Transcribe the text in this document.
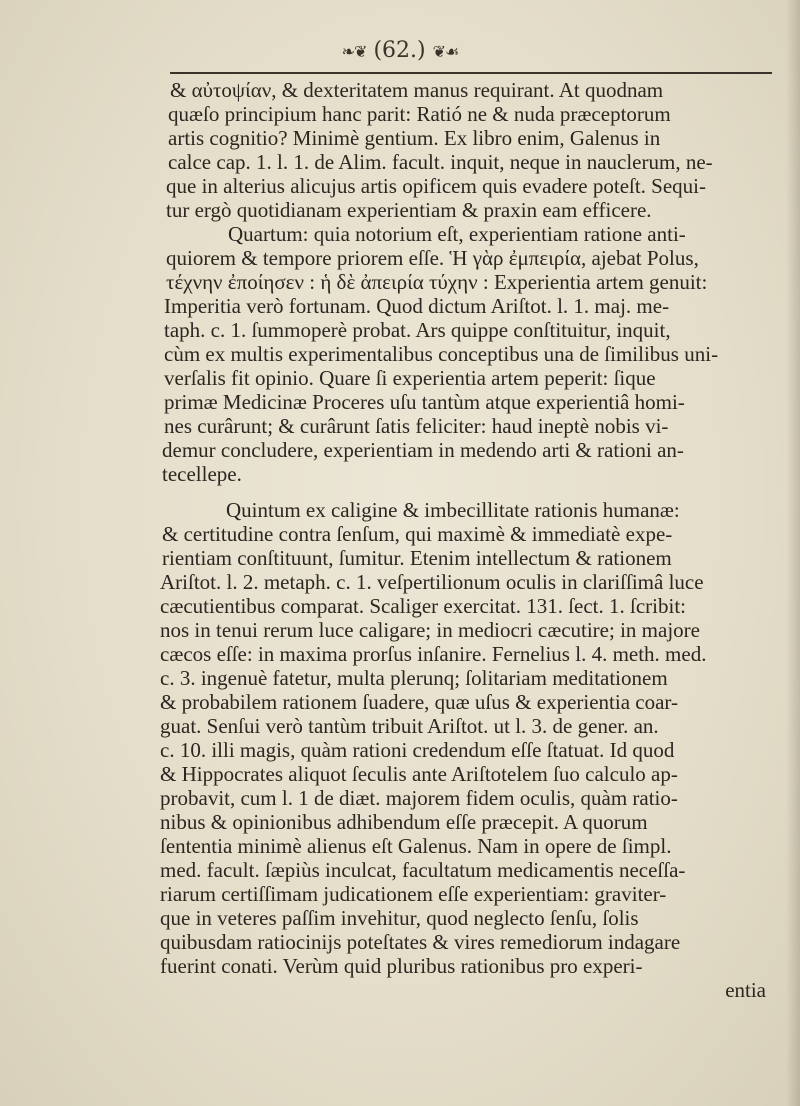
❧❦ (62.) ❦☙
& αὐτοψίαν, & dexteritatem manus requirant. At quodnam
quæſo principium hanc parit: Ratió ne & nuda præceptorum
artis cognitio? Minimè gentium. Ex libro enim, Galenus in
calce cap. 1. l. 1. de Alim. facult. inquit, neque in nauclerum, ne-
que in alterius alicujus artis opificem quis evadere poteſt. Sequi-
tur ergò quotidianam experientiam & praxin eam efficere.
Quartum: quia notorium eſt, experientiam ratione anti-
quiorem & tempore priorem eſſe. Ἡ γὰρ ἐμπειρία, ajebat Polus,
τέχνην ἐποίησεν : ἡ δὲ ἀπειρία τύχην : Experientia artem genuit:
Imperitia verò fortunam. Quod dictum Ariſtot. l. 1. maj. me-
taph. c. 1. ſummoperè probat. Ars quippe conſtituitur, inquit,
cùm ex multis experimentalibus conceptibus una de ſimilibus uni-
verſalis fit opinio. Quare ſi experientia artem peperit: ſique
primæ Medicinæ Proceres uſu tantùm atque experientiâ homi-
nes curârunt; & curârunt ſatis feliciter: haud ineptè nobis vi-
demur concludere, experientiam in medendo arti & rationi an-
tecelleре.
Quintum ex caligine & imbecillitate rationis humanæ:
& certitudine contra ſenſum, qui maximè & immediatè expe-
rientiam conſtituunt, ſumitur. Etenim intellectum & rationem
Ariſtot. l. 2. metaph. c. 1. veſpertilionum oculis in clariſſimâ luce
cæcutientibus comparat. Scaliger exercitat. 131. ſect. 1. ſcribit:
nos in tenui rerum luce caligare; in mediocri cæcutire; in majore
cæcos eſſe: in maxima prorſus inſanire. Fernelius l. 4. meth. med.
c. 3. ingenuè fatetur, multa plerunq; ſolitariam meditationem
& probabilem rationem ſuadere, quæ uſus & experientia coar-
guat. Senſui verò tantùm tribuit Ariſtot. ut l. 3. de gener. an.
c. 10. illi magis, quàm rationi credendum eſſe ſtatuat. Id quod
& Hippocrates aliquot ſeculis ante Ariſtotelem ſuo calculo ap-
probavit, cum l. 1 de diæt. majorem fidem oculis, quàm ratio-
nibus & opinionibus adhibendum eſſe præcepit. A quorum
ſententia minimè alienus eſt Galenus. Nam in opere de ſimpl.
med. facult. ſæpiùs inculcat, facultatum medicamentis neceſſa-
riarum certiſſimam judicationem eſſe experientiam: graviter-
que in veteres paſſim invehitur, quod neglecto ſenſu, ſolis
quibusdam ratiocinijs poteſtates & vires remediorum indagare
fuerint conati. Verùm quid pluribus rationibus pro experi-
entia
